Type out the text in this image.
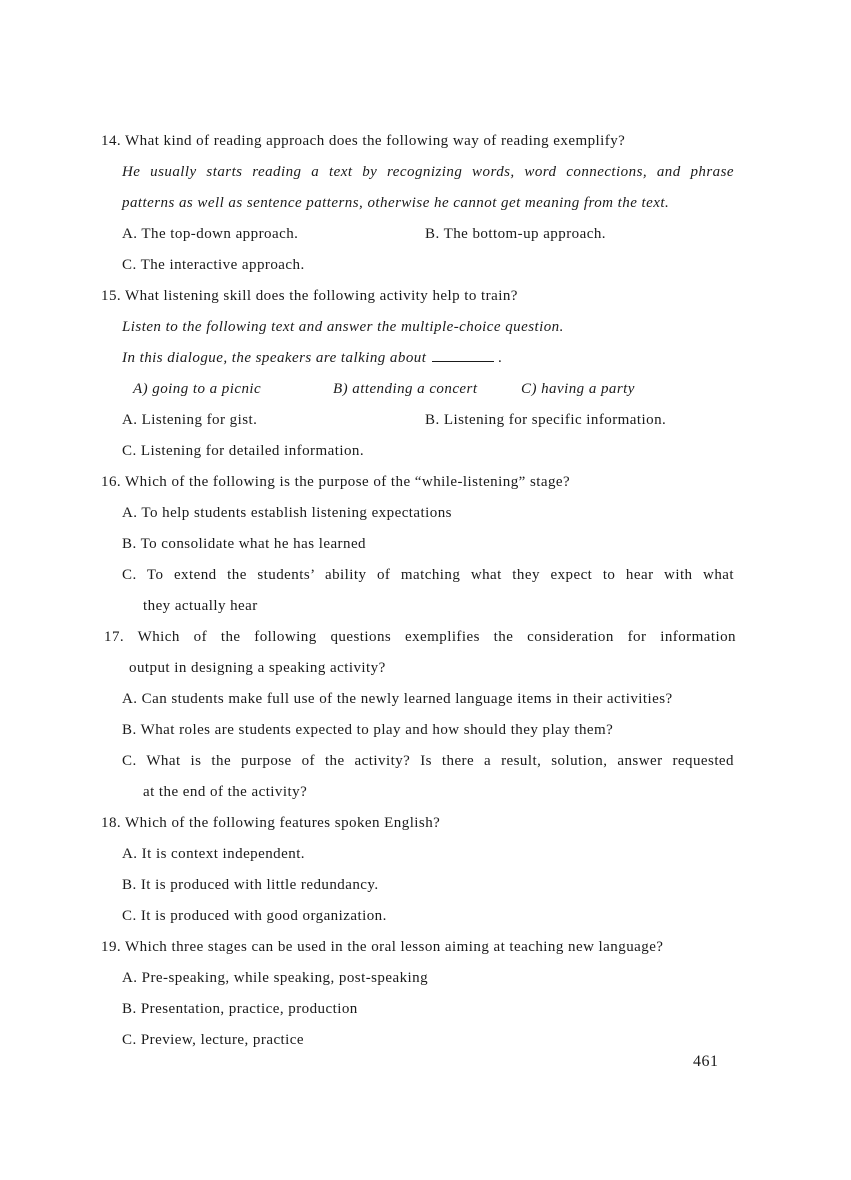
14. What kind of reading approach does the following way of reading exemplify?
He usually starts reading a text by recognizing words, word connections, and phrase
patterns as well as sentence patterns, otherwise he cannot get meaning from the text.
A. The top-down approach.	B. The bottom-up approach.
C. The interactive approach.
15. What listening skill does the following activity help to train?
Listen to the following text and answer the multiple-choice question.
In this dialogue, the speakers are talking about	.
A) going to a picnic	B) attending a concert	C) having a party
A. Listening for gist.	B. Listening for specific information.
C. Listening for detailed information.
16. Which of the following is the purpose of the “while-listening” stage?
A. To help students establish listening expectations
B. To consolidate what he has learned
C. To extend the students’ ability of matching what they expect to hear with what
they actually hear
17. Which of the following questions exemplifies the consideration for information
output in designing a speaking activity?
A. Can students make full use of the newly learned language items in their activities?
B. What roles are students expected to play and how should they play them?
C. What is the purpose of the activity? Is there a result, solution, answer requested
at the end of the activity?
18. Which of the following features spoken English?
A. It is context independent.
B. It is produced with little redundancy.
C. It is produced with good organization.
19. Which three stages can be used in the oral lesson aiming at teaching new language?
A. Pre-speaking, while speaking, post-speaking
B. Presentation, practice, production
C. Preview, lecture, practice
461
